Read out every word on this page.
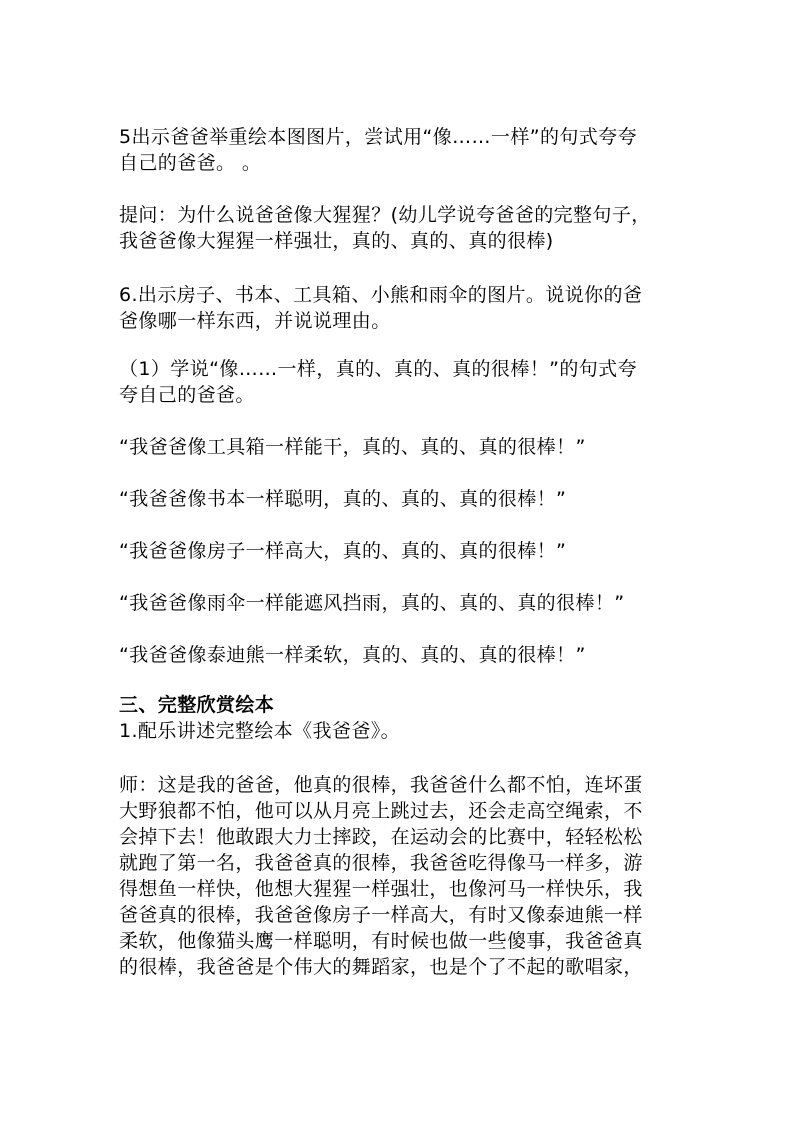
5出示爸爸举重绘本图图片，尝试用“像……一样”的句式夸夸
自己的爸爸。 。
提问：为什么说爸爸像大猩猩？(幼儿学说夸爸爸的完整句子，
我爸爸像大猩猩一样强壮，真的、真的、真的很棒)
6.出示房子、书本、工具箱、小熊和雨伞的图片。说说你的爸
爸像哪一样东西，并说说理由。
（1）学说“像……一样，真的、真的、真的很棒！”的句式夸
夸自己的爸爸。
“我爸爸像工具箱一样能干，真的、真的、真的很棒！”
“我爸爸像书本一样聪明，真的、真的、真的很棒！”
“我爸爸像房子一样高大，真的、真的、真的很棒！”
“我爸爸像雨伞一样能遮风挡雨，真的、真的、真的很棒！”
“我爸爸像泰迪熊一样柔软，真的、真的、真的很棒！”
三、完整欣赏绘本
1.配乐讲述完整绘本《我爸爸》。
师：这是我的爸爸，他真的很棒，我爸爸什么都不怕，连坏蛋
大野狼都不怕，他可以从月亮上跳过去，还会走高空绳索，不
会掉下去！他敢跟大力士摔跤，在运动会的比赛中，轻轻松松
就跑了第一名，我爸爸真的很棒，我爸爸吃得像马一样多，游
得想鱼一样快，他想大猩猩一样强壮，也像河马一样快乐，我
爸爸真的很棒，我爸爸像房子一样高大，有时又像泰迪熊一样
柔软，他像猫头鹰一样聪明，有时候也做一些傻事，我爸爸真
的很棒，我爸爸是个伟大的舞蹈家，也是个了不起的歌唱家，
